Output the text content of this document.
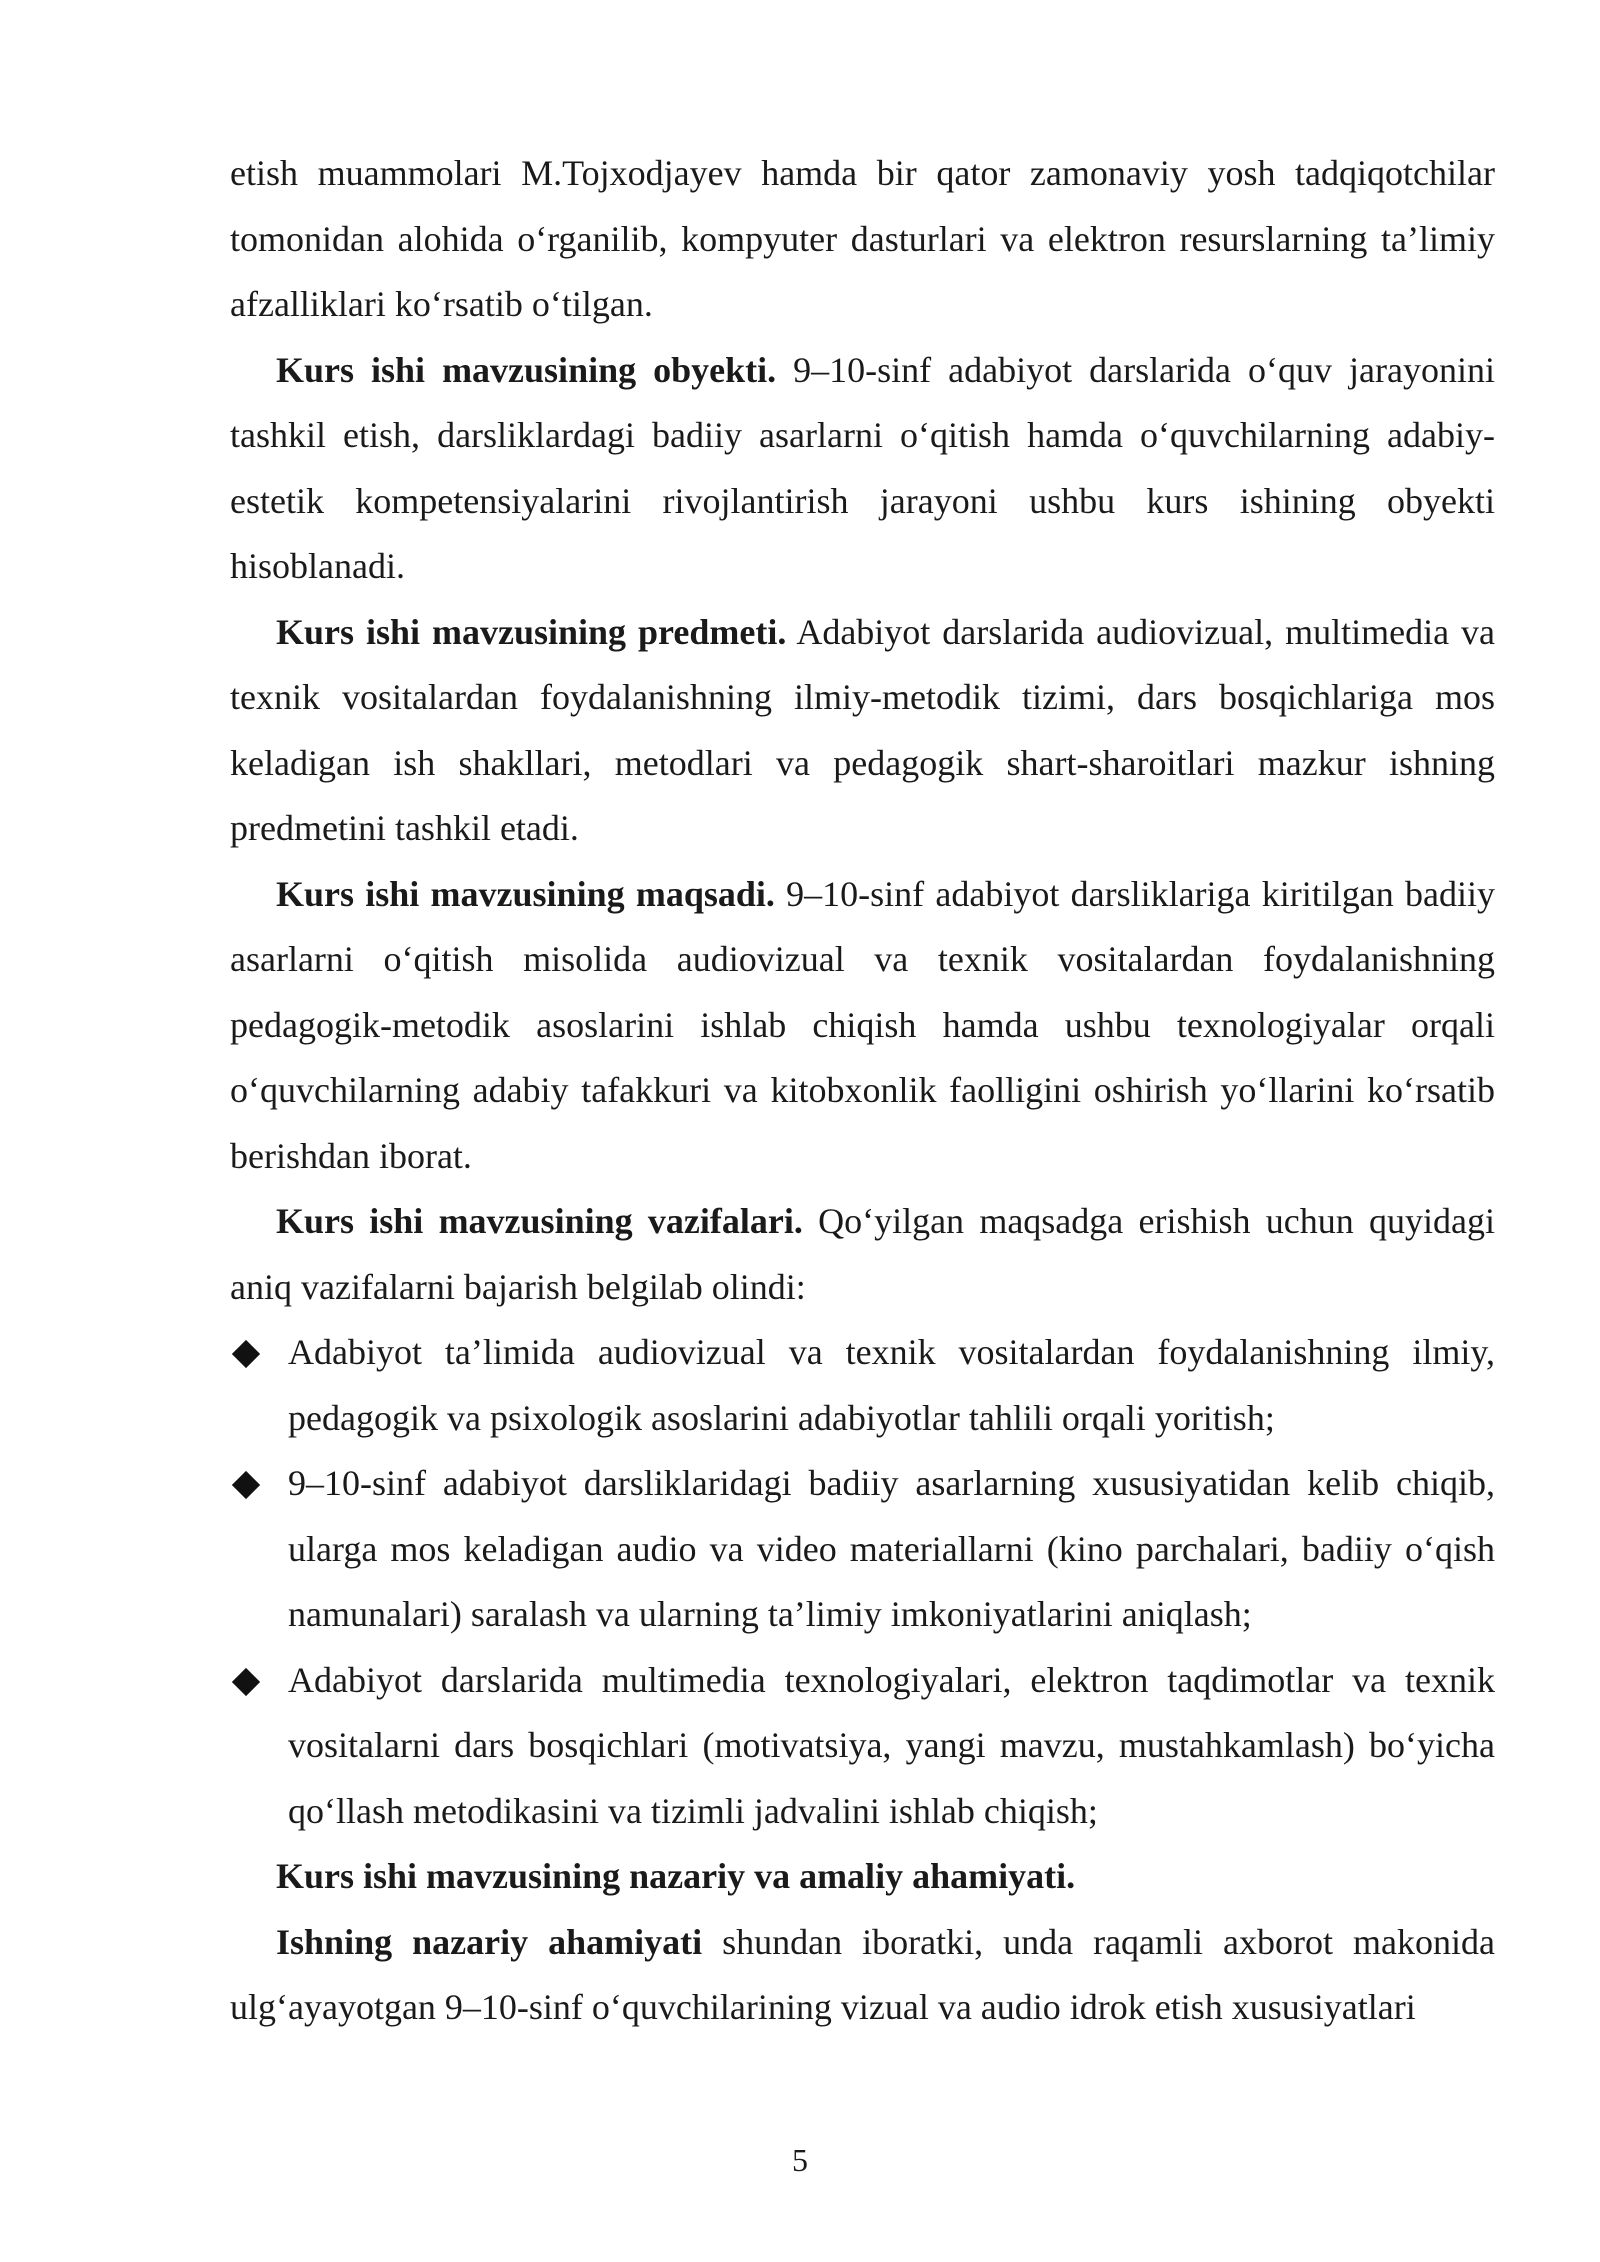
etish muammolari M.Tojxodjayev hamda bir qator zamonaviy yosh tadqiqotchilar tomonidan alohida o‘rganilib, kompyuter dasturlari va elektron resurslarning ta’limiy afzalliklari ko‘rsatib o‘tilgan.

Kurs ishi mavzusining obyekti. 9–10-sinf adabiyot darslarida o‘quv jarayonini tashkil etish, darsliklardagi badiiy asarlarni o‘qitish hamda o‘quvchilarning adabiy-estetik kompetensiyalarini rivojlantirish jarayoni ushbu kurs ishining obyekti hisoblanadi.

Kurs ishi mavzusining predmeti. Adabiyot darslarida audiovizual, multimedia va texnik vositalardan foydalanishning ilmiy-metodik tizimi, dars bosqichlariga mos keladigan ish shakllari, metodlari va pedagogik shart-sharoitlari mazkur ishning predmetini tashkil etadi.

Kurs ishi mavzusining maqsadi. 9–10-sinf adabiyot darsliklariga kiritilgan badiiy asarlarni o‘qitish misolida audiovizual va texnik vositalardan foydalanishning pedagogik-metodik asoslarini ishlab chiqish hamda ushbu texnologiyalar orqali o‘quvchilarning adabiy tafakkuri va kitobxonlik faolligini oshirish yo‘llarini ko‘rsatib berishdan iborat.

Kurs ishi mavzusining vazifalari. Qo‘yilgan maqsadga erishish uchun quyidagi aniq vazifalarni bajarish belgilab olindi:

Adabiyot ta’limida audiovizual va texnik vositalardan foydalanishning ilmiy, pedagogik va psixologik asoslarini adabiyotlar tahlili orqali yoritish;
9–10-sinf adabiyot darsliklaridagi badiiy asarlarning xususiyatidan kelib chiqib, ularga mos keladigan audio va video materiallarni (kino parchalari, badiiy o‘qish namunalari) saralash va ularning ta’limiy imkoniyatlarini aniqlash;
Adabiyot darslarida multimedia texnologiyalari, elektron taqdimotlar va texnik vositalarni dars bosqichlari (motivatsiya, yangi mavzu, mustahkamlash) bo‘yicha qo‘llash metodikasini va tizimli jadvalini ishlab chiqish;

Kurs ishi mavzusining nazariy va amaliy ahamiyati.

Ishning nazariy ahamiyati shundan iboratki, unda raqamli axborot makonida ulg‘ayayotgan 9–10-sinf o‘quvchilarining vizual va audio idrok etish xususiyatlari

5
